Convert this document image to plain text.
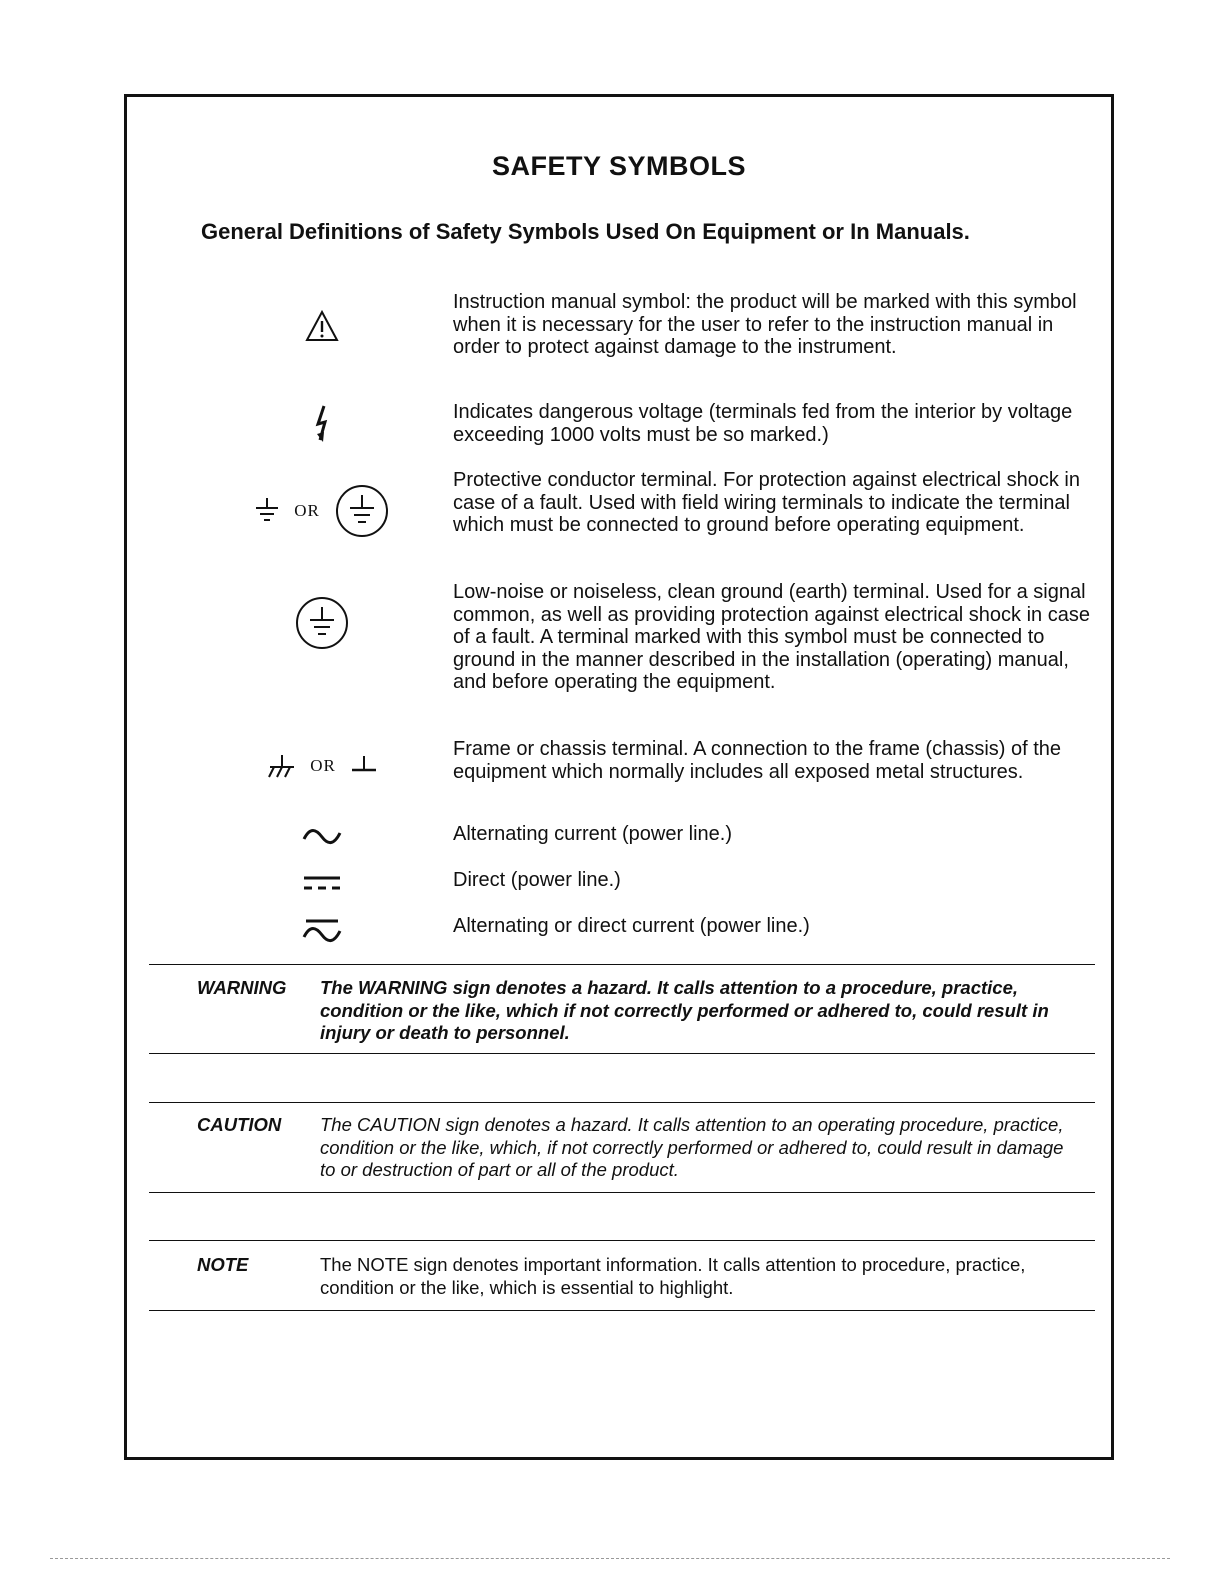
SAFETY SYMBOLS
General Definitions of Safety Symbols Used On Equipment or In Manuals.
Instruction manual symbol: the product will be marked with this symbol when it is necessary for the user to refer to the instruction manual in order to protect against damage to the instrument.
Indicates dangerous voltage (terminals fed from the interior by voltage exceeding 1000 volts must be so marked.)
OR
Protective conductor terminal. For protection against electrical shock in case of a fault. Used with field wiring terminals to indicate the terminal which must be connected to ground before operating equipment.
Low-noise or noiseless, clean ground (earth) terminal. Used for a signal common, as well as providing protection against electrical shock in case of a fault. A terminal marked with this symbol must be connected to ground in the manner described in the installation (operating) manual, and before operating the equipment.
OR
Frame or chassis terminal. A connection to the frame (chassis) of the equipment which normally includes all exposed metal structures.
Alternating current (power line.)
Direct (power line.)
Alternating or direct current (power line.)
WARNING The WARNING sign denotes a hazard. It calls attention to a procedure, practice, condition or the like, which if not correctly performed or adhered to, could result in injury or death to personnel.
CAUTION The CAUTION sign denotes a hazard. It calls attention to an operating procedure, practice, condition or the like, which, if not correctly performed or adhered to, could result in damage to or destruction of part or all of the product.
NOTE	The NOTE sign denotes important information. It calls attention to procedure, practice, condition or the like, which is essential to highlight.
